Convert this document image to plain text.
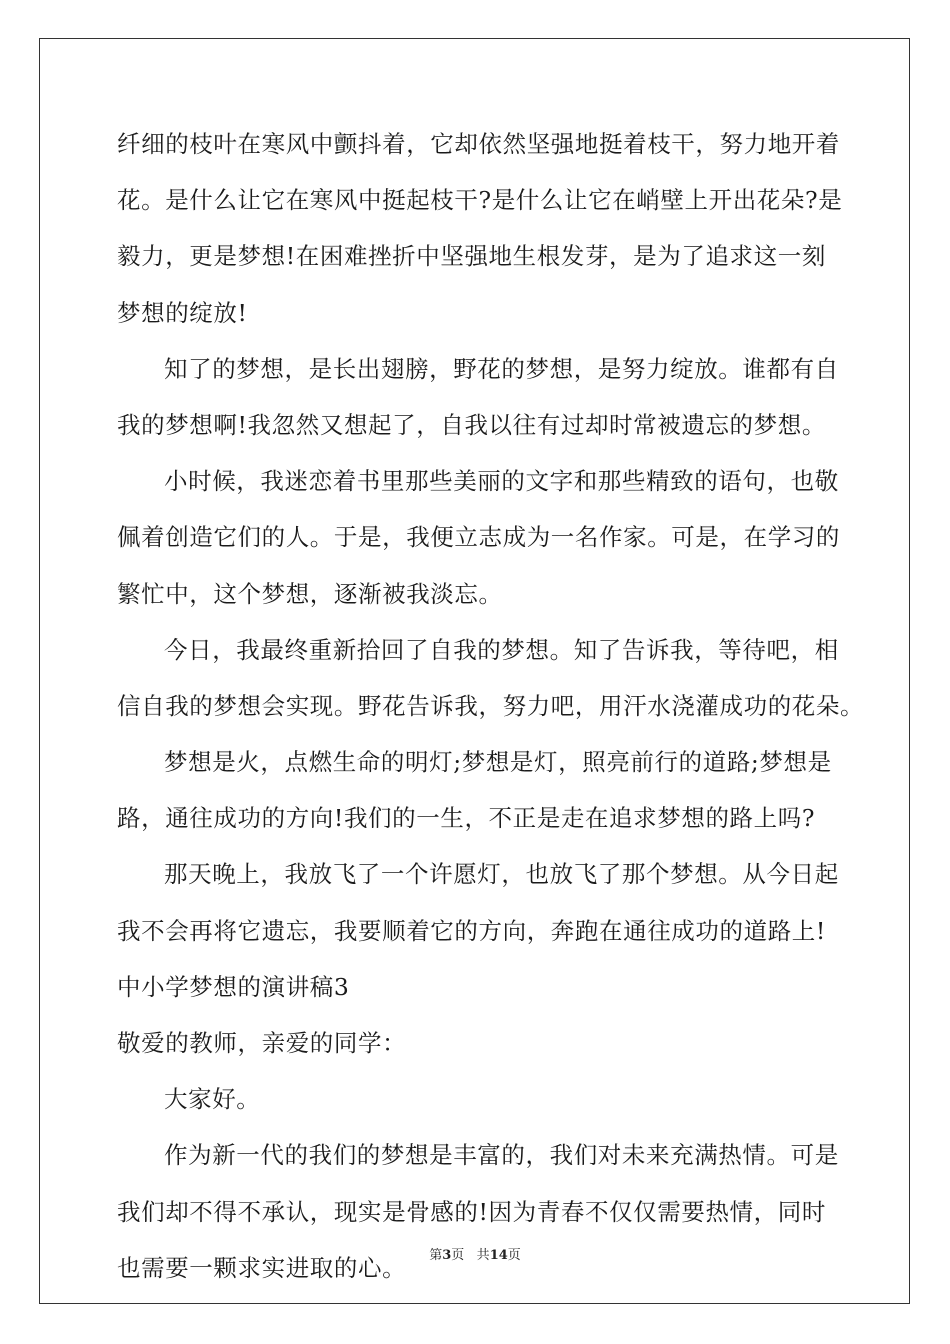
纤细的枝叶在寒风中颤抖着，它却依然坚强地挺着枝干，努力地开着
花。是什么让它在寒风中挺起枝干?是什么让它在峭壁上开出花朵?是
毅力，更是梦想!在困难挫折中坚强地生根发芽，是为了追求这一刻
梦想的绽放!
知了的梦想，是长出翅膀，野花的梦想，是努力绽放。谁都有自
我的梦想啊!我忽然又想起了，自我以往有过却时常被遗忘的梦想。
小时候，我迷恋着书里那些美丽的文字和那些精致的语句，也敬
佩着创造它们的人。于是，我便立志成为一名作家。可是，在学习的
繁忙中，这个梦想，逐渐被我淡忘。
今日，我最终重新拾回了自我的梦想。知了告诉我，等待吧，相
信自我的梦想会实现。野花告诉我，努力吧，用汗水浇灌成功的花朵。
梦想是火，点燃生命的明灯;梦想是灯，照亮前行的道路;梦想是
路，通往成功的方向!我们的一生，不正是走在追求梦想的路上吗?
那天晚上，我放飞了一个许愿灯，也放飞了那个梦想。从今日起
我不会再将它遗忘，我要顺着它的方向，奔跑在通往成功的道路上!
中小学梦想的演讲稿3
敬爱的教师，亲爱的同学：
大家好。
作为新一代的我们的梦想是丰富的，我们对未来充满热情。可是
我们却不得不承认，现实是骨感的!因为青春不仅仅需要热情，同时
也需要一颗求实进取的心。	第3页 共14页
